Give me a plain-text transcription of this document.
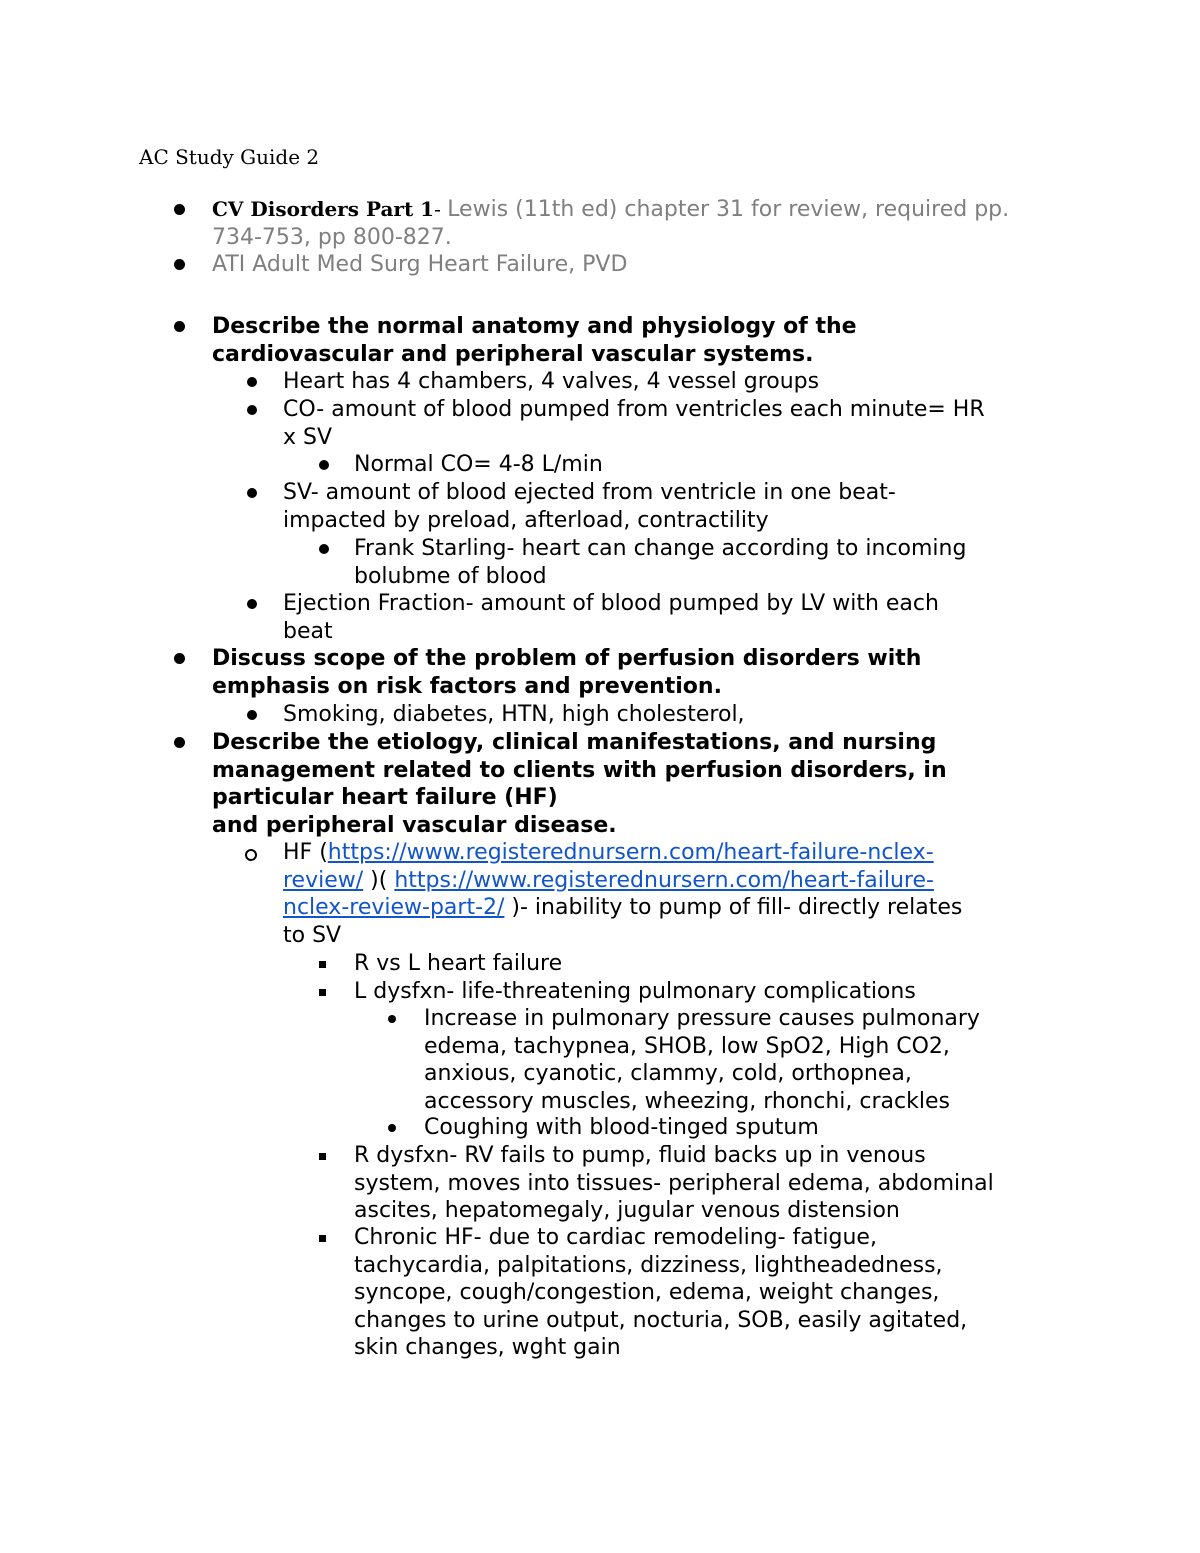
AC Study Guide 2
CV Disorders Part 1- Lewis (11th ed) chapter 31 for review, required pp.
734-753, pp 800-827.
ATI Adult Med Surg Heart Failure, PVD
Describe the normal anatomy and physiology of the
cardiovascular and peripheral vascular systems.
Heart has 4 chambers, 4 valves, 4 vessel groups
CO- amount of blood pumped from ventricles each minute= HR
x SV
Normal CO= 4-8 L/min
SV- amount of blood ejected from ventricle in one beat-
impacted by preload, afterload, contractility
Frank Starling- heart can change according to incoming
bolubme of blood
Ejection Fraction- amount of blood pumped by LV with each
beat
Discuss scope of the problem of perfusion disorders with
emphasis on risk factors and prevention.
Smoking, diabetes, HTN, high cholesterol,
Describe the etiology, clinical manifestations, and nursing
management related to clients with perfusion disorders, in
particular heart failure (HF)
and peripheral vascular disease.
HF (https://www.registerednursern.com/heart-failure-nclex-
review/ )( https://www.registerednursern.com/heart-failure-
nclex-review-part-2/ )- inability to pump of fill- directly relates
to SV
R vs L heart failure
L dysfxn- life-threatening pulmonary complications
Increase in pulmonary pressure causes pulmonary
edema, tachypnea, SHOB, low SpO2, High CO2,
anxious, cyanotic, clammy, cold, orthopnea,
accessory muscles, wheezing, rhonchi, crackles
Coughing with blood-tinged sputum
R dysfxn- RV fails to pump, fluid backs up in venous
system, moves into tissues- peripheral edema, abdominal
ascites, hepatomegaly, jugular venous distension
Chronic HF- due to cardiac remodeling- fatigue,
tachycardia, palpitations, dizziness, lightheadedness,
syncope, cough/congestion, edema, weight changes,
changes to urine output, nocturia, SOB, easily agitated,
skin changes, wght gain
